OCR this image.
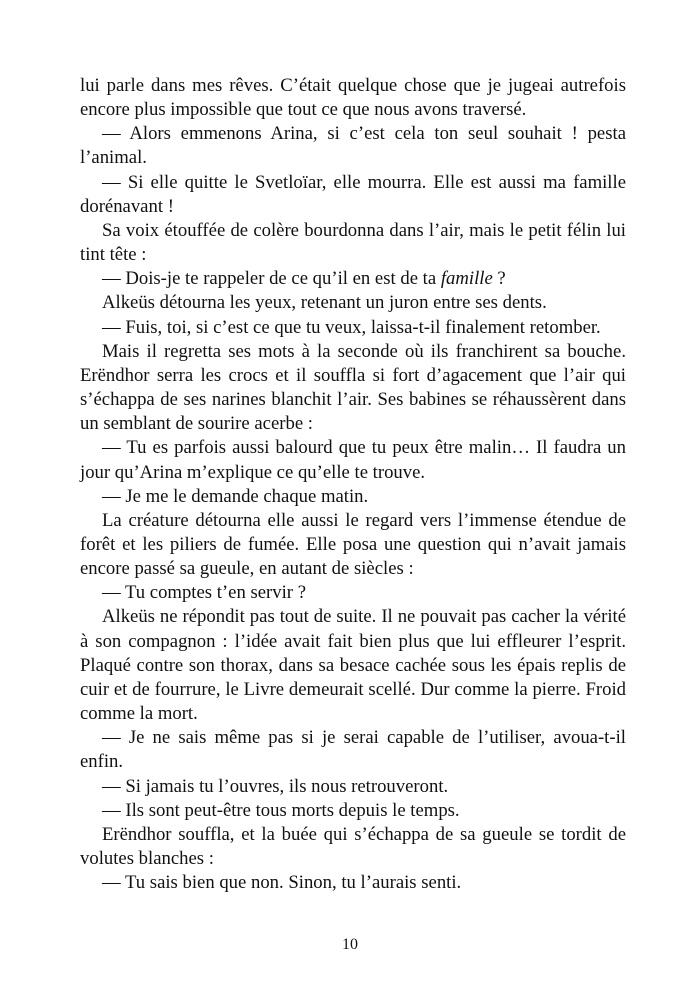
lui parle dans mes rêves. C’était quelque chose que je jugeai autrefois encore plus impossible que tout ce que nous avons traversé.

— Alors emmenons Arina, si c’est cela ton seul souhait ! pesta l’animal.

— Si elle quitte le Svetloïar, elle mourra. Elle est aussi ma famille dorénavant !

Sa voix étouffée de colère bourdonna dans l’air, mais le petit félin lui tint tête :

— Dois-je te rappeler de ce qu’il en est de ta famille ?

Alkeüs détourna les yeux, retenant un juron entre ses dents.

— Fuis, toi, si c’est ce que tu veux, laissa-t-il finalement retomber.

Mais il regretta ses mots à la seconde où ils franchirent sa bouche. Erëndhor serra les crocs et il souffla si fort d’agacement que l’air qui s’échappa de ses narines blanchit l’air. Ses babines se réhaussèrent dans un semblant de sourire acerbe :

— Tu es parfois aussi balourd que tu peux être malin… Il faudra un jour qu’Arina m’explique ce qu’elle te trouve.

— Je me le demande chaque matin.

La créature détourna elle aussi le regard vers l’immense étendue de forêt et les piliers de fumée. Elle posa une question qui n’avait jamais encore passé sa gueule, en autant de siècles :

— Tu comptes t’en servir ?

Alkeüs ne répondit pas tout de suite. Il ne pouvait pas cacher la vérité à son compagnon : l’idée avait fait bien plus que lui effleurer l’esprit. Plaqué contre son thorax, dans sa besace cachée sous les épais replis de cuir et de fourrure, le Livre demeurait scellé. Dur comme la pierre. Froid comme la mort.

— Je ne sais même pas si je serai capable de l’utiliser, avoua-t-il enfin.

— Si jamais tu l’ouvres, ils nous retrouveront.

— Ils sont peut-être tous morts depuis le temps.

Erëndhor souffla, et la buée qui s’échappa de sa gueule se tordit de volutes blanches :

— Tu sais bien que non. Sinon, tu l’aurais senti.

10
